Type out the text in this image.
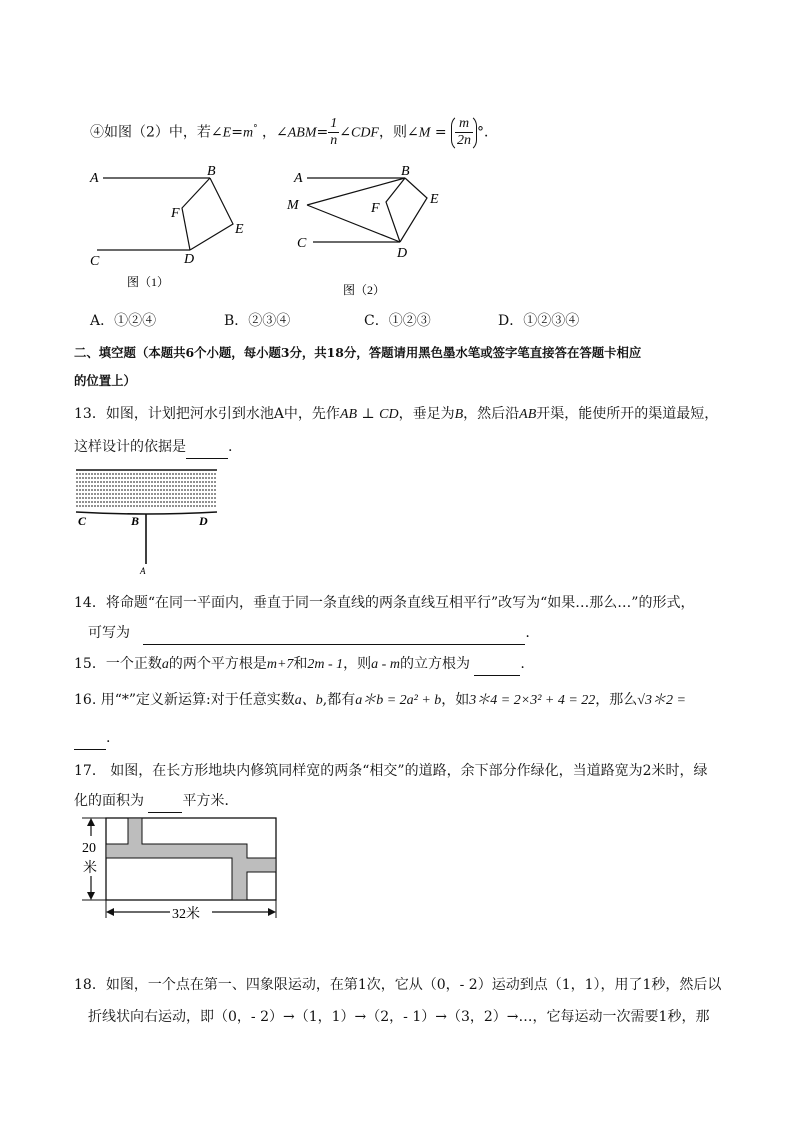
④如图（2）中，若∠E=m° ，∠ABM= $\frac{1}{n}$ ∠CDF，则∠M = $\frac{m}{2n}$ °．
A	B
F
E
C	D
图（1）
A	B
M	F
E
C
D
图（2）
A．①②④	B．②③④	C．①②③	D．①②③④
二、填空题（本题共6个小题，每小题3分，共18分，答题请用黑色墨水笔或签字笔直接答在答题卡相应
的位置上）
13．如图，计划把河水引到水池A中，先作AB ⊥ CD，垂足为B，然后沿AB开渠，能使所开的渠道最短，
这样设计的依据是	.
C	B	D
A
14．将命题“在同一平面内，垂直于同一条直线的两条直线互相平行”改写为“如果…那么…”的形式，
可写为	.
15．一个正数a的两个平方根是m+7和2m - 1，则a - m的立方根为	.
16. 用“*”定义新运算:对于任意实数a、b,都有a＊b = 2a² + b，如3＊4 = 2×3² + 4 = 22，那么√3＊2 =
.
17． 如图，在长方形地块内修筑同样宽的两条“相交”的道路，余下部分作绿化，当道路宽为2米时，绿
化的面积为	平方米．
20
米
32米
18．如图，一个点在第一、四象限运动，在第1次，它从（0，- 2）运动到点（1，1），用了1秒，然后以
折线状向右运动，即（0，- 2）→（1，1）→（2，- 1）→（3，2）→…，它每运动一次需要1秒，那
